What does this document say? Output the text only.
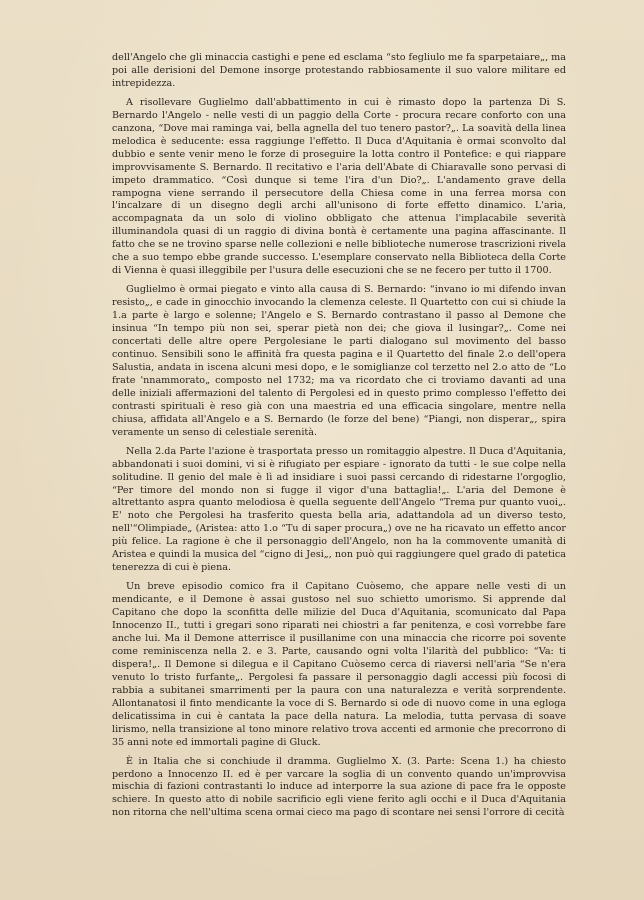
dell'Angelo che gli minaccia castighi e pene ed esclama “sto fegliulo me fa sparpetaiare„, ma poi alle derisioni del Demone insorge protestando rabbiosamente il suo valore militare ed intrepidezza.

A risollevare Guglielmo dall'abbattimento in cui è rimasto dopo la partenza Di S. Bernardo l'Angelo - nelle vesti di un paggio della Corte - procura recare conforto con una canzona, “Dove mai raminga vai, bella agnella del tuo tenero pastor?„. La soavità della linea melodica è seducente: essa raggiunge l'effetto. Il Duca d'Aquitania è ormai sconvolto dal dubbio e sente venir meno le forze di proseguire la lotta contro il Pontefice: e qui riappare improvvisamente S. Bernardo. Il recitativo e l'aria dell'Abate di Chiaravalle sono pervasi di impeto drammatico. “Così dunque si teme l'ira d'un Dio?„. L'andamento grave della rampogna viene serrando il persecutore della Chiesa come in una ferrea morsa con l'incalzare di un disegno degli archi all'unisono di forte effetto dinamico. L'aria, accompagnata da un solo di violino obbligato che attenua l'implacabile severità illuminandola quasi di un raggio di divina bontà è certamente una pagina affascinante. Il fatto che se ne trovino sparse nelle collezioni e nelle biblioteche numerose trascrizioni rivela che a suo tempo ebbe grande successo. L'esemplare conservato nella Biblioteca della Corte di Vienna è quasi illeggibile per l'usura delle esecuzioni che se ne fecero per tutto il 1700.

Guglielmo è ormai piegato e vinto alla causa di S. Bernardo: “invano io mi difendo invan resisto„, e cade in ginocchio invocando la clemenza celeste. Il Quartetto con cui si chiude la 1.a parte è largo e solenne; l'Angelo e S. Bernardo contrastano il passo al Demone che insinua “In tempo più non sei, sperar pietà non dei; che giova il lusingar?„. Come nei concertati delle altre opere Pergolesiane le parti dialogano sul movimento del basso continuo. Sensibili sono le affinità fra questa pagina e il Quartetto del finale 2.o dell'opera Salustia, andata in iscena alcuni mesi dopo, e le somiglianze col terzetto nel 2.o atto de “Lo frate 'nnammorato„ composto nel 1732; ma va ricordato che ci troviamo davanti ad una delle iniziali affermazioni del talento di Pergolesi ed in questo primo complesso l'effetto dei contrasti spirituali è reso già con una maestria ed una efficacia singolare, mentre nella chiusa, affidata all'Angelo e a S. Bernardo (le forze del bene) “Piangi, non disperar„, spira veramente un senso di celestiale serenità.

Nella 2.da Parte l'azione è trasportata presso un romitaggio alpestre. Il Duca d'Aquitania, abbandonati i suoi domini, vi si è rifugiato per espiare - ignorato da tutti - le sue colpe nella solitudine. Il genio del male è lì ad insidiare i suoi passi cercando di ridestarne l'orgoglio, “Per timore del mondo non si fugge il vigor d'una battaglia!„. L'aria del Demone è altrettanto aspra quanto melodiosa è quella seguente dell'Angelo “Trema pur quanto vuoi„. E' noto che Pergolesi ha trasferito questa bella aria, adattandola ad un diverso testo, nell'“Olimpiade„ (Aristea: atto 1.o “Tu di saper procura„) ove ne ha ricavato un effetto ancor più felice. La ragione è che il personaggio dell'Angelo, non ha la commovente umanità di Aristea e quindi la musica del “cigno di Jesi„, non può qui raggiungere quel grado di patetica tenerezza di cui è piena.

Un breve episodio comico fra il Capitano Cuòsemo, che appare nelle vesti di un mendicante, e il Demone è assai gustoso nel suo schietto umorismo. Si apprende dal Capitano che dopo la sconfitta delle milizie del Duca d'Aquitania, scomunicato dal Papa Innocenzo II., tutti i gregari sono riparati nei chiostri a far penitenza, e così vorrebbe fare anche lui. Ma il Demone atterrisce il pusillanime con una minaccia che ricorre poi sovente come reminiscenza nella 2. e 3. Parte, causando ogni volta l'ilarità del pubblico: “Va: ti dispera!„. Il Demone si dilegua e il Capitano Cuòsemo cerca di riaversi nell'aria “Se n'era venuto lo tristo furfante„. Pergolesi fa passare il personaggio dagli accessi più focosi di rabbia a subitanei smarrimenti per la paura con una naturalezza e verità sorprendente. Allontanatosi il finto mendicante la voce di S. Bernardo si ode di nuovo come in una egloga delicatissima in cui è cantata la pace della natura. La melodia, tutta pervasa di soave lirismo, nella transizione al tono minore relativo trova accenti ed armonie che precorrono di 35 anni note ed immortali pagine di Gluck.

È in Italia che si conchiude il dramma. Guglielmo X. (3. Parte: Scena 1.) ha chiesto perdono a Innocenzo II. ed è per varcare la soglia di un convento quando un'improvvisa mischia di fazioni contrastanti lo induce ad interporre la sua azione di pace fra le opposte schiere. In questo atto di nobile sacrificio egli viene ferito agli occhi e il Duca d'Aquitania non ritorna che nell'ultima scena ormai cieco ma pago di scontare nei sensi l'orrore di cecità
